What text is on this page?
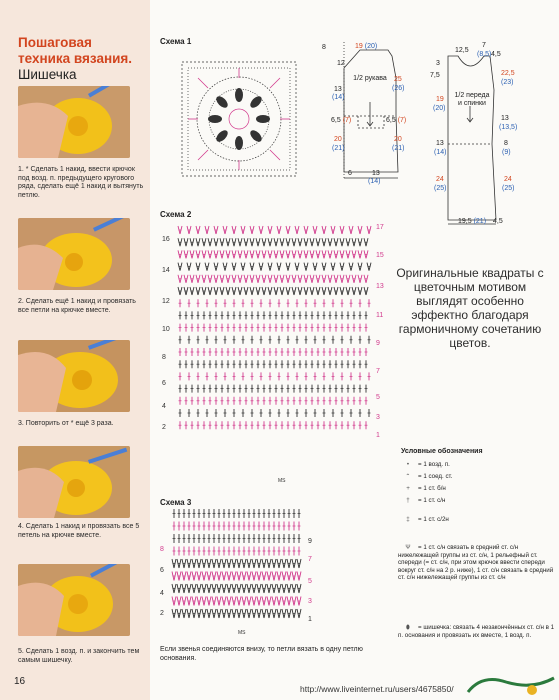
Пошаговая техника вязания.
Шишечка
1. * Сделать 1 накид, ввести крючок под возд. п. предыдущего кругового ряда, сделать ещё 1 накид и вытянуть петлю.
2. Сделать ещё 1 накид и провязать все петли на крючке вместе.
3. Повторить от * ещё 3 раза.
4. Сделать 1 накид и провязать все 5 петель на крючке вместе.
5. Сделать 1 возд. п. и закончить тем самым шишечку.
16
Схема 1
Схема 2
16
14
12
10
8
6
4
2
17
15
13
11
9
7
5
3
1
MS
Схема 3
8
6
4
2
9
7
5
3
1
MS
Если звенья соединяются внизу, то петли вязать в одну петлю основания.
1/2 рукава
19 (20)
12
8
13
(14)
25
(26)
6,5 (7)	6,5 (7)
20
(21)
20
(21)
6	13
(14)
1/2 переда и спинки
12,5
7
(8,5) 4,5
3
7,5	22,5
(23)
19
(20)
13
(13,5)
13
(14)
8
(9)
24
(25)
24
(25)
19,5 (21) 4,5
Оригинальные квадраты с цветочным мотивом выглядят особенно эффектно благодаря гармоничному сочетанию цветов.
Условные обозначения
• = 1 возд. п.
⌃ = 1 соед. ст.
+ = 1 ст. б/н
† = 1 ст. с/н
‡ = 1 ст. с/2н
Ψ = 1 ст. с/н связать в средний ст. с/н нижележащей группы из ст. с/н, 1 рельефный ст. спереди (= ст. с/н, при этом крючок ввести спереди вокруг ст. с/н на 2 р. ниже), 1 ст. с/н связать в средний ст. с/н нижележащей группы из ст. с/н
⬮ = шишечка: связать 4 незакончённых ст. с/н в 1 п. основания и провязать их вместе, 1 возд. п.
http://www.liveinternet.ru/users/4675850/
